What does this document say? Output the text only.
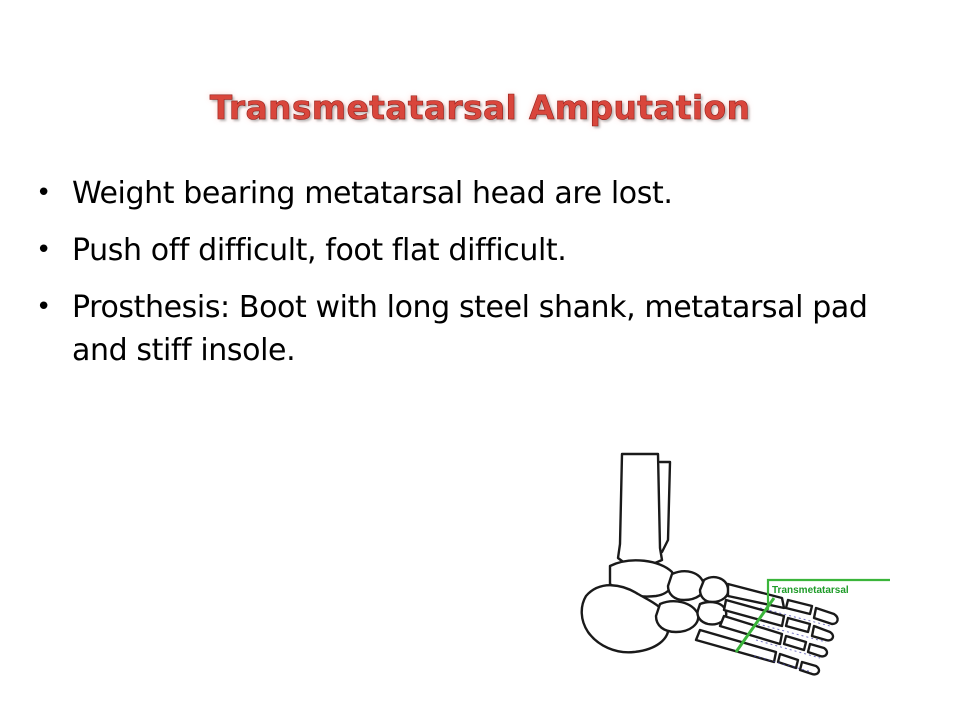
Transmetatarsal Amputation
• Weight bearing metatarsal head are lost.
• Push off difficult, foot flat difficult.
• Prosthesis: Boot with long steel shank, metatarsal pad and stiff insole.
Transmetatarsal
